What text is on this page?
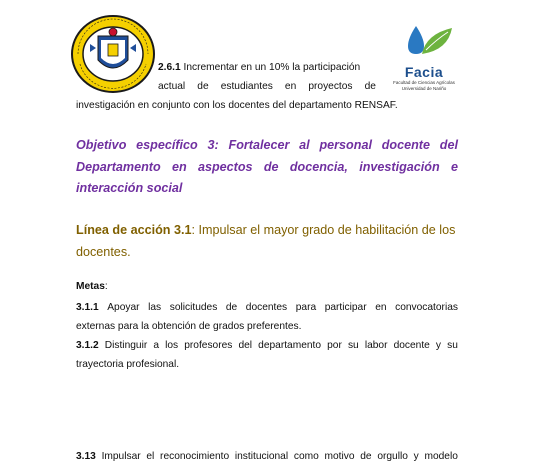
Facia
Facultad de Ciencias Agrícolas
Universidad de Nariño
2.6.1 Incrementar en un 10% la participación
actual de estudiantes en proyectos de
investigación en conjunto con los docentes del departamento RENSAF.
Objetivo específico 3: Fortalecer al personal docente del
Departamento en aspectos de docencia, investigación e
interacción social
Línea de acción 3.1: Impulsar el mayor grado de habilitación de los
docentes.
Metas:
3.1.1 Apoyar las solicitudes de docentes para participar en convocatorias
externas para la obtención de grados preferentes.
3.1.2 Distinguir a los profesores del departamento por su labor docente y su
trayectoria profesional.
3.13 Impulsar el reconocimiento institucional como motivo de orgullo y modelo
